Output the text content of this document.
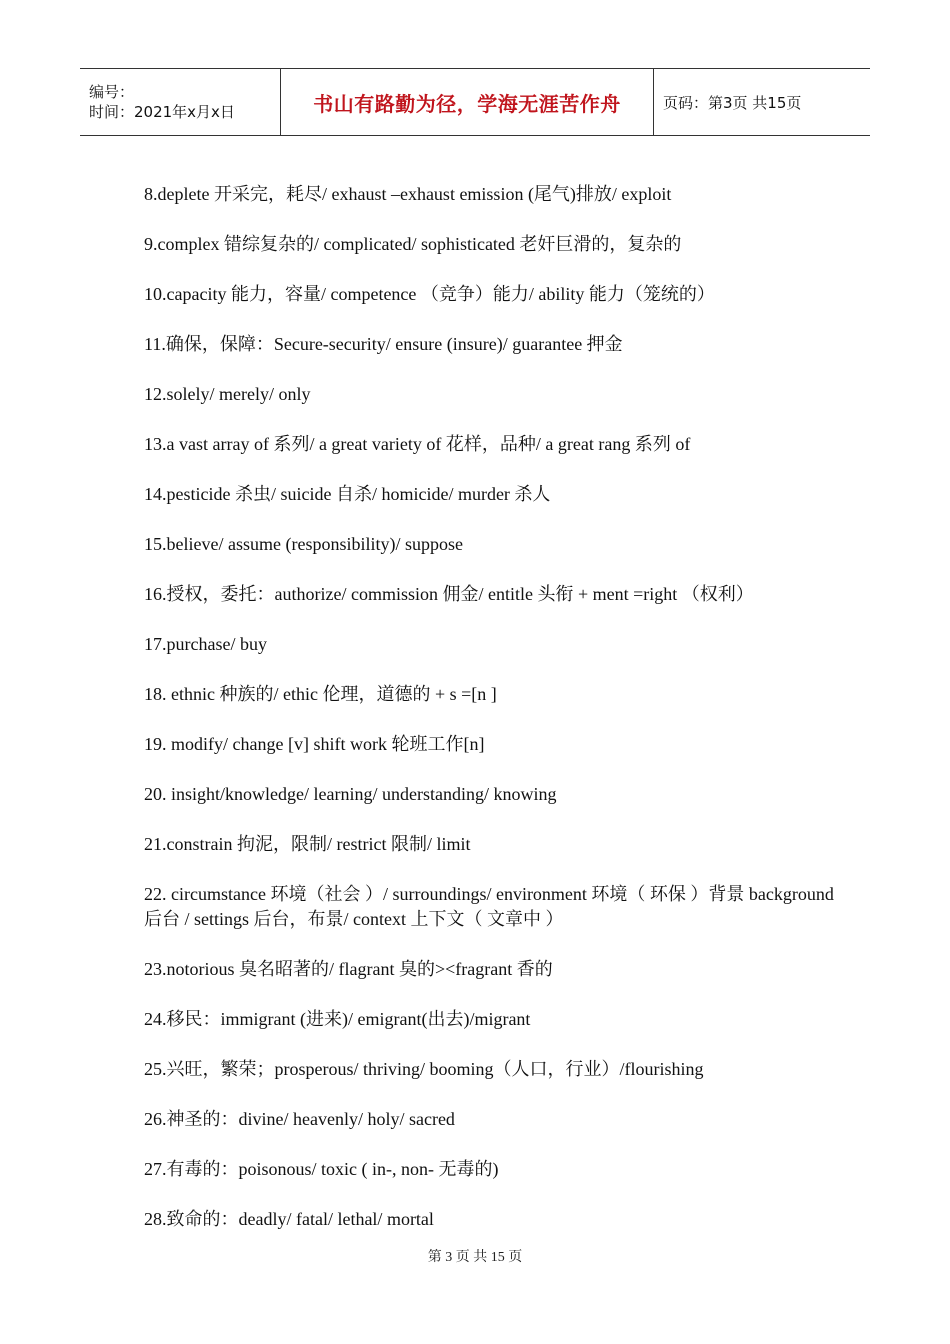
编号：
时间：2021年x月x日	书山有路勤为径，学海无涯苦作舟	页码：第3页 共15页
8.deplete 开采完，耗尽/ exhaust –exhaust emission (尾气)排放/ exploit
9.complex 错综复杂的/ complicated/ sophisticated 老奸巨滑的，复杂的
10.capacity 能力，容量/ competence （竞争）能力/ ability 能力（笼统的）
11.确保，保障：Secure-security/ ensure (insure)/ guarantee 押金
12.solely/ merely/ only
13.a vast array of 系列/ a great variety of 花样，品种/ a great rang 系列 of
14.pesticide 杀虫/ suicide 自杀/ homicide/ murder 杀人
15.believe/ assume (responsibility)/ suppose
16.授权，委托：authorize/ commission 佣金/ entitle 头衔 + ment =right （权利）
17.purchase/ buy
18. ethnic 种族的/ ethic 伦理，道德的 + s =[n ]
19. modify/ change [v] shift work 轮班工作[n]
20. insight/knowledge/ learning/ understanding/ knowing
21.constrain 拘泥，限制/ restrict 限制/ limit
22. circumstance 环境（社会 ）/ surroundings/ environment 环境（ 环保 ）背景 background 后台 / settings 后台，布景/ context 上下文（ 文章中 ）
23.notorious 臭名昭著的/ flagrant 臭的><fragrant 香的
24.移民：immigrant (进来)/ emigrant(出去)/migrant
25.兴旺，繁荣；prosperous/ thriving/ booming（人口，行业）/flourishing
26.神圣的：divine/ heavenly/ holy/ sacred
27.有毒的：poisonous/ toxic ( in-, non- 无毒的)
28.致命的：deadly/ fatal/ lethal/ mortal
第 3 页 共 15 页
